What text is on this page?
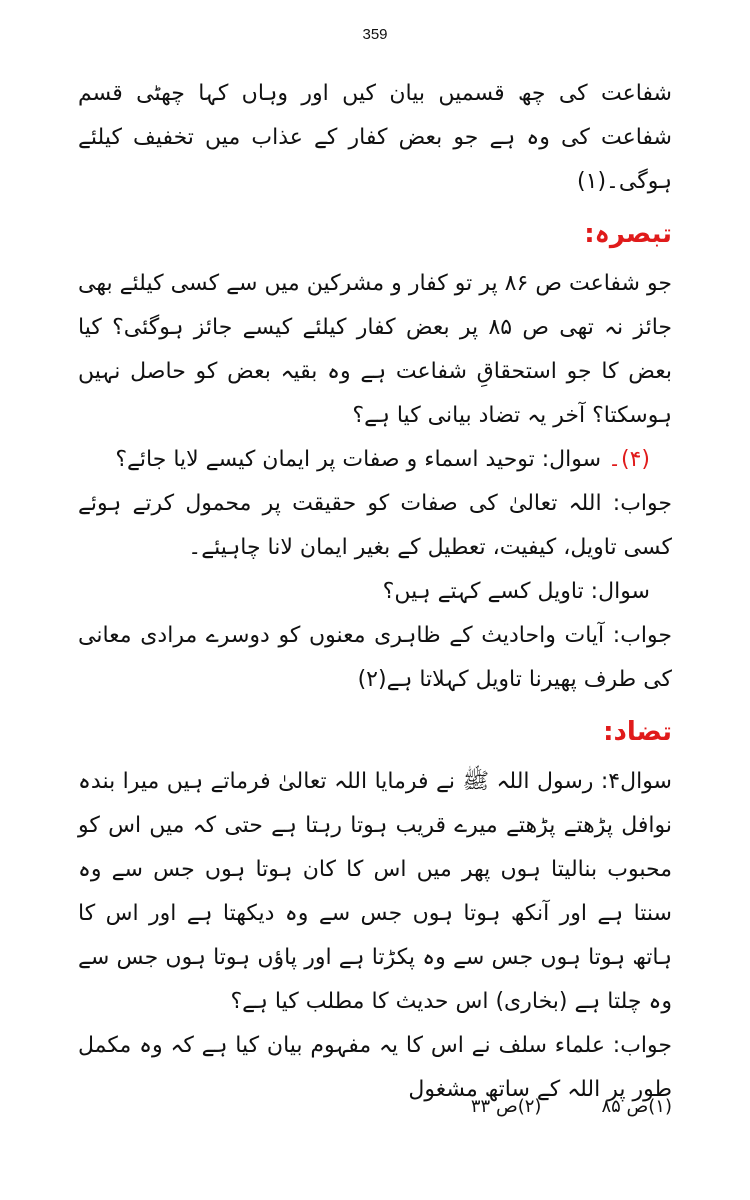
359

شفاعت کی چھ قسمیں بیان کیں اور وہاں کہا چھٹی قسم شفاعت کی وہ ہے جو بعض کفار کے عذاب میں تخفیف کیلئے ہوگی۔(۱)

تبصرہ:

جو شفاعت ص ۸۶ پر تو کفار و مشرکین میں سے کسی کیلئے بھی جائز نہ تھی ص ۸۵ پر بعض کفار کیلئے کیسے جائز ہوگئی؟ کیا بعض کا جو استحقاقِ شفاعت ہے وہ بقیہ بعض کو حاصل نہیں ہوسکتا؟ آخر یہ تضاد بیانی کیا ہے؟

(۴)۔ سوال: توحید اسماء و صفات پر ایمان کیسے لایا جائے؟

جواب: اللہ تعالیٰ کی صفات کو حقیقت پر محمول کرتے ہوئے کسی تاویل، کیفیت، تعطیل کے بغیر ایمان لانا چاہیئے۔

سوال: تاویل کسے کہتے ہیں؟

جواب: آیات واحادیث کے ظاہری معنوں کو دوسرے مرادی معانی کی طرف پھیرنا تاویل کہلاتا ہے(۲)

تضاد:

سوال۴: رسول اللہ ﷺ نے فرمایا اللہ تعالیٰ فرماتے ہیں میرا بندہ نوافل پڑھتے پڑھتے میرے قریب ہوتا رہتا ہے حتی کہ میں اس کو محبوب بنالیتا ہوں پھر میں اس کا کان ہوتا ہوں جس سے وہ سنتا ہے اور آنکھ ہوتا ہوں جس سے وہ دیکھتا ہے اور اس کا ہاتھ ہوتا ہوں جس سے وہ پکڑتا ہے اور پاؤں ہوتا ہوں جس سے وہ چلتا ہے (بخاری) اس حدیث کا مطلب کیا ہے؟

جواب: علماء سلف نے اس کا یہ مفہوم بیان کیا ہے کہ وہ مکمل طور پر اللہ کے ساتھ مشغول

(۱)ص ۸۵
(۲)ص ۳۳
